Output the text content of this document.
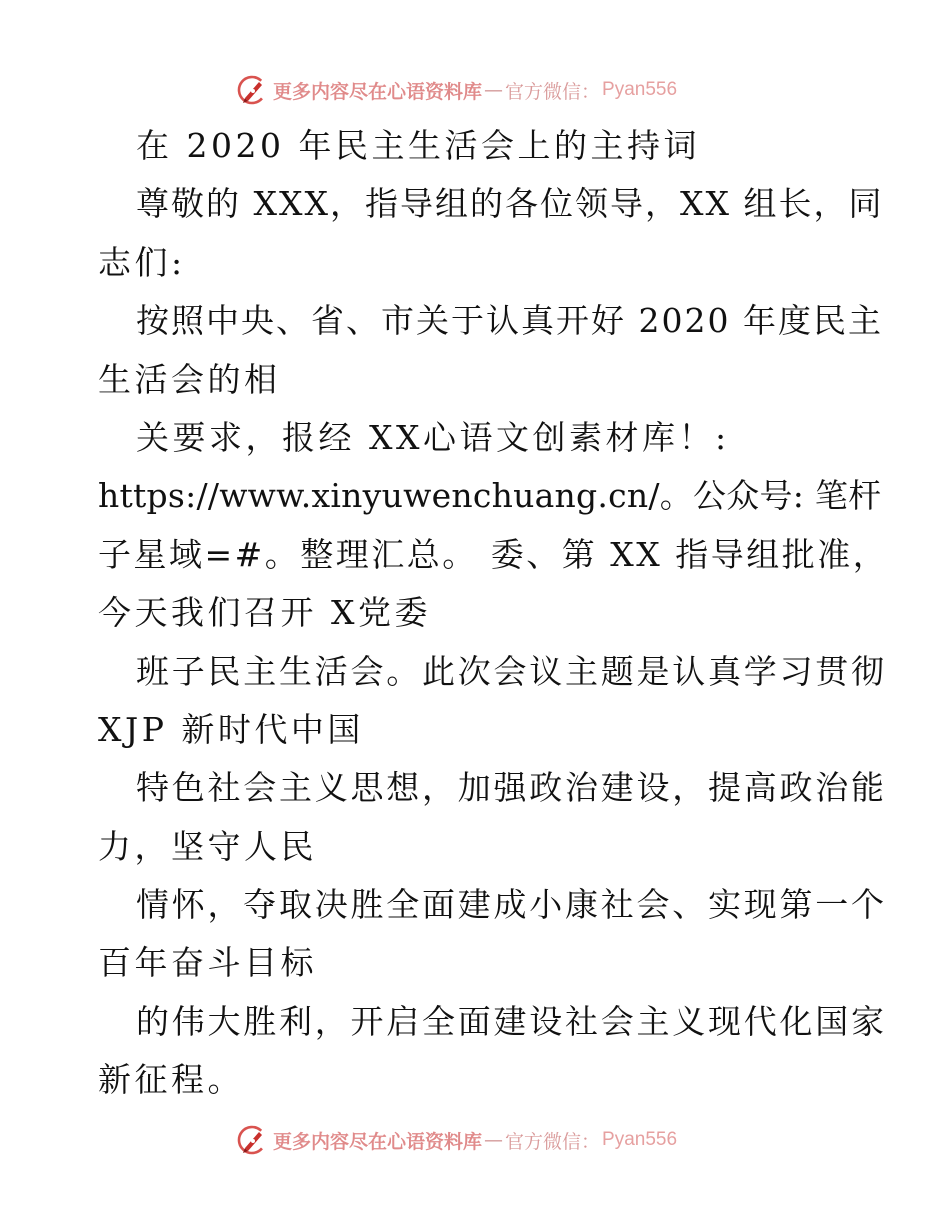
更多内容尽在心语资料库 — 官方微信： Pyan556
在 2020 年民主生活会上的主持词
尊敬的 XXX，指导组的各位领导，XX 组长，同
志们:
按照中央、省、市关于认真开好 2020 年度民主
生活会的相
关要求，报经 XX心语文创素材库！:
https://www.xinyuwenchuang.cn/。公众号: 笔杆
子星域=#。整理汇总。 委、第 XX 指导组批准，
今天我们召开 X党委
班子民主生活会。此次会议主题是认真学习贯彻
XJP 新时代中国
特色社会主义思想，加强政治建设，提高政治能
力，坚守人民
情怀，夺取决胜全面建成小康社会、实现第一个
百年奋斗目标
的伟大胜利，开启全面建设社会主义现代化国家
新征程。
更多内容尽在心语资料库 — 官方微信： Pyan556
